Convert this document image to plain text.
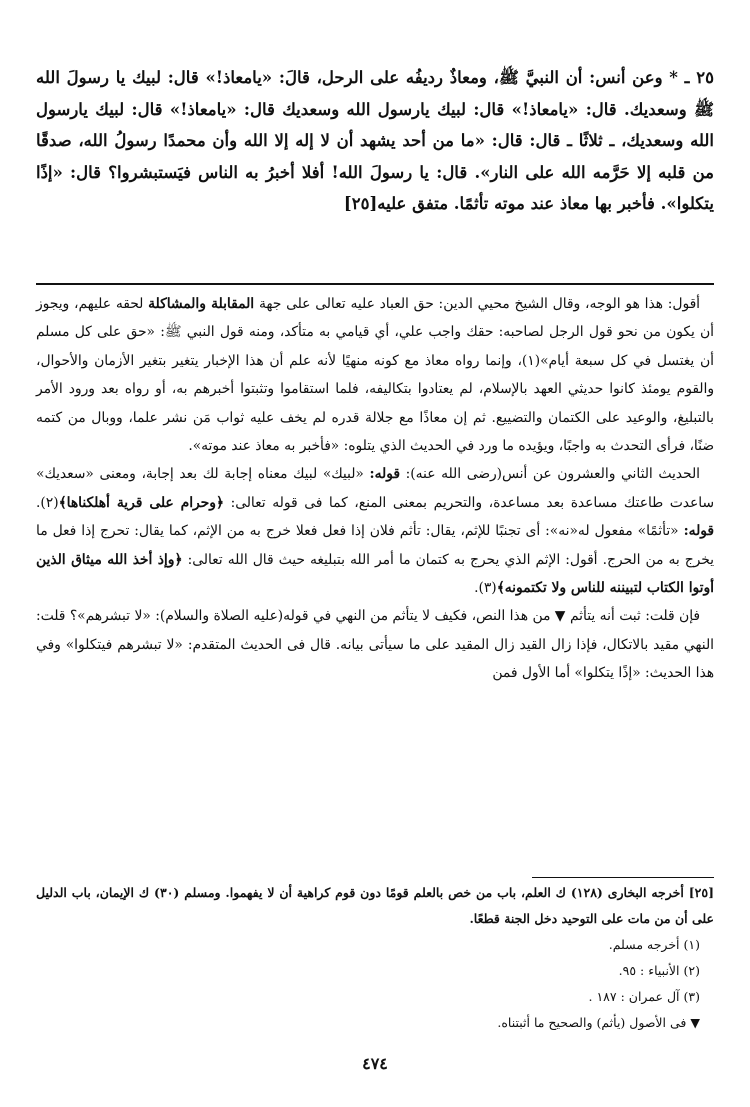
٢٥ ـ * وعن أنس: أن النبيَّ ﷺ، ومعاذٌ رديفُه على الرحل، قالَ: «يامعاذ!» قال: لبيك يا رسولَ الله ﷺ وسعديك. قال: «يامعاذ!» قال: لبيك يارسول الله وسعديك قال: «يامعاذ!» قال: لبيك يارسول الله وسعديك، ـ ثلاثًا ـ قال: قال: «ما من أحد يشهد أن لا إله إلا الله وأن محمدًا رسولُ الله، صدقًا من قلبه إلا حَرَّمه الله على النار». قال: يا رسولَ الله! أفلا أخبرُ به الناس فيَستبشروا؟ قال: «إذًا يتكلوا». فأخبر بها معاذ عند موته تأثمًا. متفق عليه[٢٥]

أقول: هذا هو الوجه، وقال الشيخ محيي الدين: حق العباد عليه تعالى على جهة المقابلة والمشاكلة لحقه عليهم، ويجوز أن يكون من نحو قول الرجل لصاحبه: حقك واجب علي، أي قيامي به متأكد، ومنه قول النبي ﷺ: «حق على كل مسلم أن يغتسل في كل سبعة أيام»(١)، وإنما رواه معاذ مع كونه منهيًا لأنه علم أن هذا الإخبار يتغير بتغير الأزمان والأحوال، والقوم يومئذ كانوا حديثي العهد بالإسلام، لم يعتادوا بتكاليفه، فلما استقاموا وتثبتوا أخبرهم به، أو رواه بعد ورود الأمر بالتبليغ، والوعيد على الكتمان والتضييع. ثم إن معاذًا مع جلالة قدره لم يخف عليه ثواب مَن نشر علما، ووبال من كتمه ضنًا، فرأى التحدث به واجبًا، ويؤيده ما ورد في الحديث الذي يتلوه: «فأخبر به معاذ عند موته».

الحديث الثاني والعشرون عن أنس(رضى الله عنه): قوله: «لبيك» لبيك معناه إجابة لك بعد إجابة، ومعنى «سعديك» ساعدت طاعتك مساعدة بعد مساعدة، والتحريم بمعنى المنع، كما فى قوله تعالى: ﴿وحرام على قرية أهلكناها﴾(٢). قوله: «تأثمًا» مفعول له«نه»: أى تجنبًا للإثم، يقال: تأثم فلان إذا فعل فعلا خرج به من الإثم، كما يقال: تحرج إذا فعل ما يخرج به من الحرج. أقول: الإثم الذي يحرج به كتمان ما أمر الله بتبليغه حيث قال الله تعالى: ﴿وإذ أخذ الله ميثاق الذين أوتوا الكتاب لتبيننه للناس ولا تكتمونه﴾(٣).

فإن قلت: ثبت أنه يتأثم ▼ من هذا النص، فكيف لا يتأثم من النهي في قوله(عليه الصلاة والسلام): «لا تبشرهم»؟ قلت: النهي مقيد بالاتكال، فإذا زال القيد زال المقيد على ما سيأتى بيانه. قال فى الحديث المتقدم: «لا تبشرهم فيتكلوا» وفي هذا الحديث: «إذًا يتكلوا» أما الأول فمن

[٢٥] أخرجه البخارى (١٢٨) ك العلم، باب من خص بالعلم قومًا دون قوم كراهية أن لا يفهموا. ومسلم (٣٠) ك الإيمان، باب الدليل على أن من مات على التوحيد دخل الجنة قطعًا.
(١) أخرجه مسلم.
(٢) الأنبياء : ٩٥.
(٣) آل عمران : ١٨٧ .
▼ فى الأصول (يأثم) والصحيح ما أثبتناه.
٤٧٤
